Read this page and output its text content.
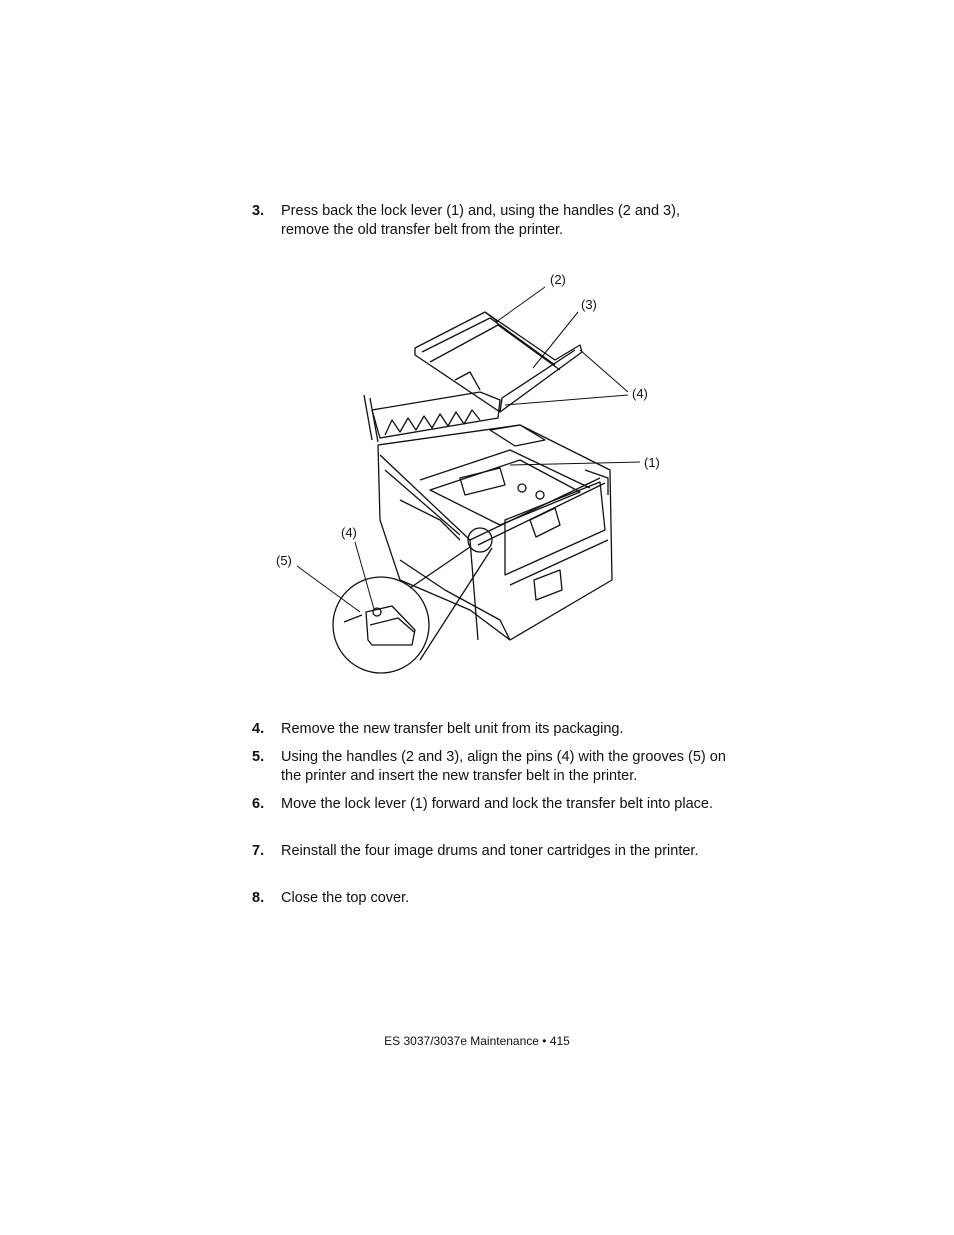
3. Press back the lock lever (1) and, using the handles (2 and 3), remove the old transfer belt from the printer.
(2)
(3)
(4)
(1)
(4)
(5)
4. Remove the new transfer belt unit from its packaging.
5. Using the handles (2 and 3), align the pins (4) with the grooves (5) on the printer and insert the new transfer belt in the printer.
6. Move the lock lever (1) forward and lock the transfer belt into place.
7. Reinstall the four image drums and toner cartridges in the printer.
8. Close the top cover.
ES 3037/3037e Maintenance • 415
